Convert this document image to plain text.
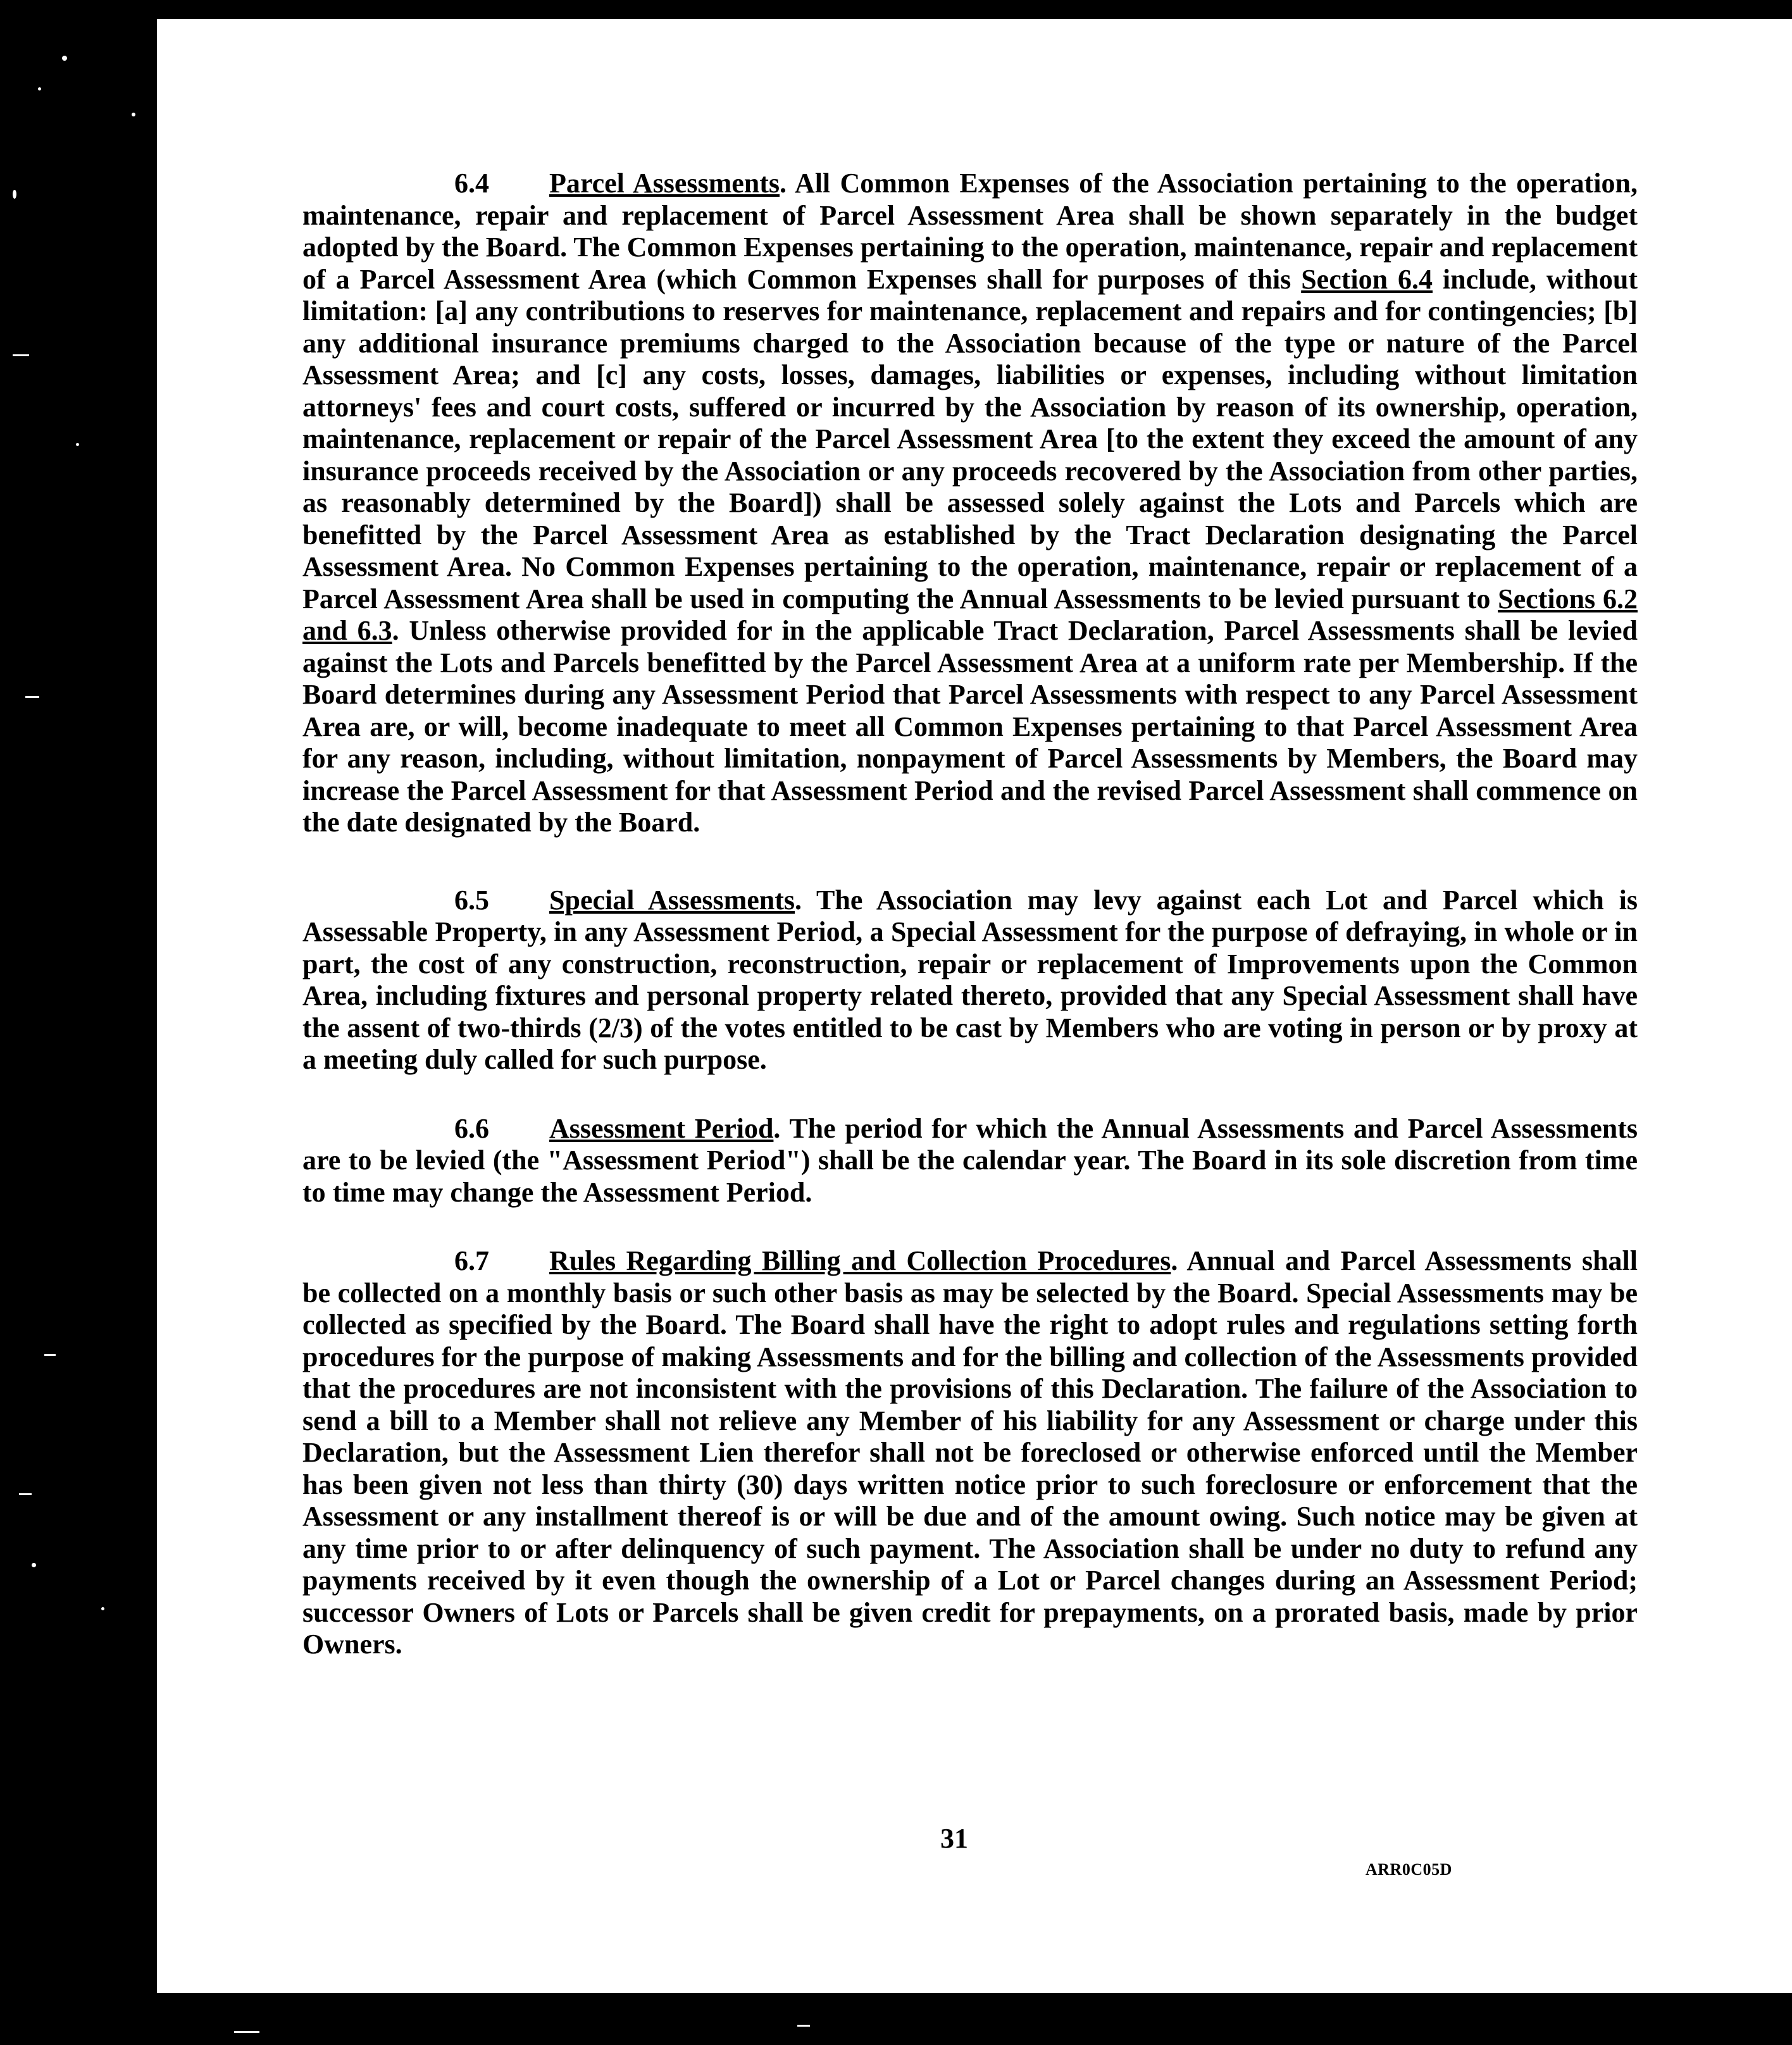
6.4 Parcel Assessments. All Common Expenses of the Association pertaining to the operation, maintenance, repair and replacement of Parcel Assessment Area shall be shown separately in the budget adopted by the Board. The Common Expenses pertaining to the operation, maintenance, repair and replacement of a Parcel Assessment Area (which Common Expenses shall for purposes of this Section 6.4 include, without limitation: [a] any contributions to reserves for maintenance, replacement and repairs and for contingencies; [b] any additional insurance premiums charged to the Association because of the type or nature of the Parcel Assessment Area; and [c] any costs, losses, damages, liabilities or expenses, including without limitation attorneys' fees and court costs, suffered or incurred by the Association by reason of its ownership, operation, maintenance, replacement or repair of the Parcel Assessment Area [to the extent they exceed the amount of any insurance proceeds received by the Association or any proceeds recovered by the Association from other parties, as reasonably determined by the Board]) shall be assessed solely against the Lots and Parcels which are benefitted by the Parcel Assessment Area as established by the Tract Declaration designating the Parcel Assessment Area. No Common Expenses pertaining to the operation, maintenance, repair or replacement of a Parcel Assessment Area shall be used in computing the Annual Assessments to be levied pursuant to Sections 6.2 and 6.3. Unless otherwise provided for in the applicable Tract Declaration, Parcel Assessments shall be levied against the Lots and Parcels benefitted by the Parcel Assessment Area at a uniform rate per Membership. If the Board determines during any Assessment Period that Parcel Assessments with respect to any Parcel Assessment Area are, or will, become inadequate to meet all Common Expenses pertaining to that Parcel Assessment Area for any reason, including, without limitation, nonpayment of Parcel Assessments by Members, the Board may increase the Parcel Assessment for that Assessment Period and the revised Parcel Assessment shall commence on the date designated by the Board.

6.5 Special Assessments. The Association may levy against each Lot and Parcel which is Assessable Property, in any Assessment Period, a Special Assessment for the purpose of defraying, in whole or in part, the cost of any construction, reconstruction, repair or replacement of Improvements upon the Common Area, including fixtures and personal property related thereto, provided that any Special Assessment shall have the assent of two-thirds (2/3) of the votes entitled to be cast by Members who are voting in person or by proxy at a meeting duly called for such purpose.

6.6 Assessment Period. The period for which the Annual Assessments and Parcel Assessments are to be levied (the "Assessment Period") shall be the calendar year. The Board in its sole discretion from time to time may change the Assessment Period.

6.7 Rules Regarding Billing and Collection Procedures. Annual and Parcel Assessments shall be collected on a monthly basis or such other basis as may be selected by the Board. Special Assessments may be collected as specified by the Board. The Board shall have the right to adopt rules and regulations setting forth procedures for the purpose of making Assessments and for the billing and collection of the Assessments provided that the procedures are not inconsistent with the provisions of this Declaration. The failure of the Association to send a bill to a Member shall not relieve any Member of his liability for any Assessment or charge under this Declaration, but the Assessment Lien therefor shall not be foreclosed or otherwise enforced until the Member has been given not less than thirty (30) days written notice prior to such foreclosure or enforcement that the Assessment or any installment thereof is or will be due and of the amount owing. Such notice may be given at any time prior to or after delinquency of such payment. The Association shall be under no duty to refund any payments received by it even though the ownership of a Lot or Parcel changes during an Assessment Period; successor Owners of Lots or Parcels shall be given credit for prepayments, on a prorated basis, made by prior Owners.

31
ARR0C05D
